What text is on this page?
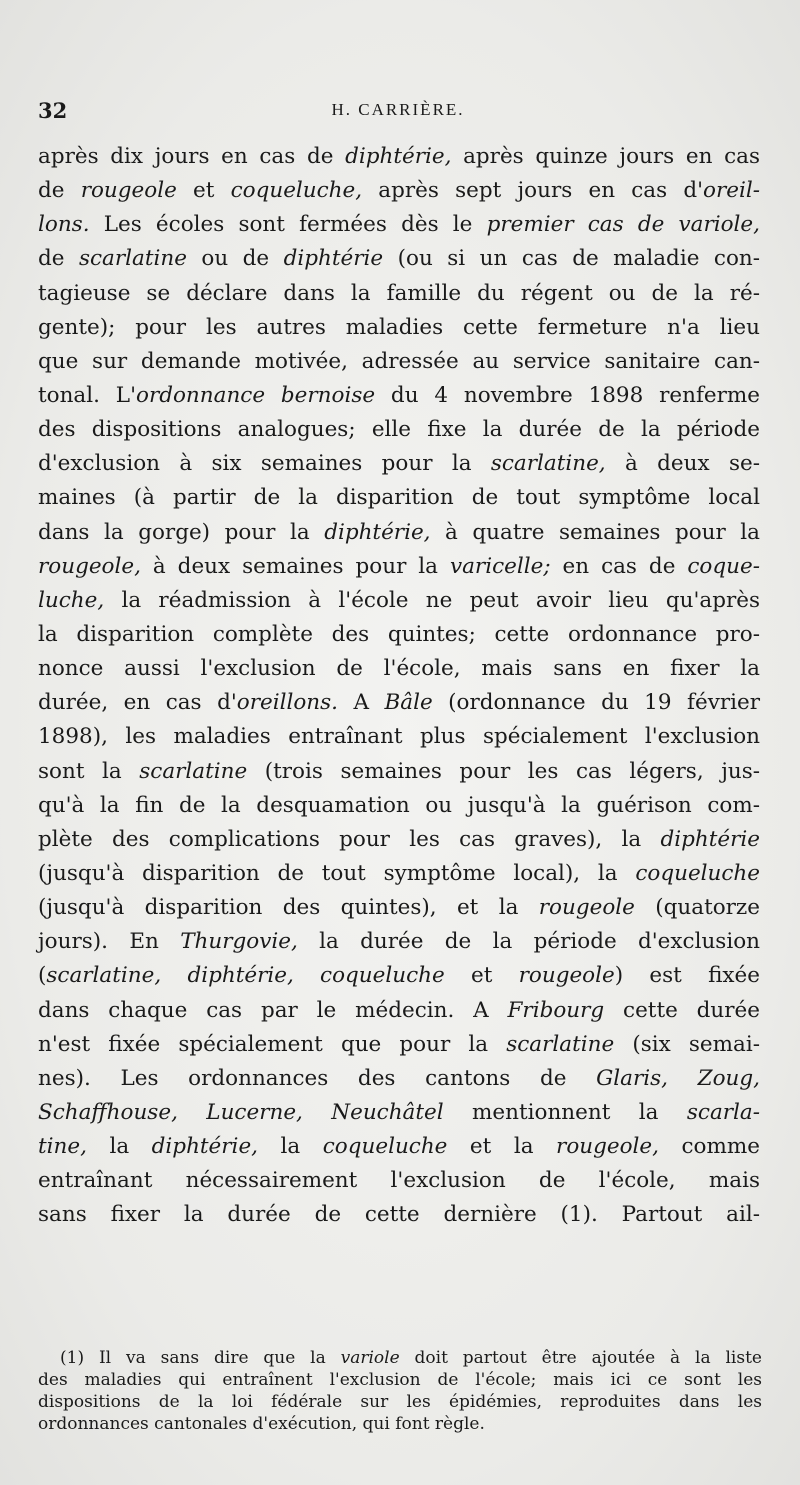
32	H. CARRIÈRE.
après dix jours en cas de diphtérie, après quinze jours en cas
de rougeole et coqueluche, après sept jours en cas d'oreil-
lons. Les écoles sont fermées dès le premier cas de variole,
de scarlatine ou de diphtérie (ou si un cas de maladie con-
tagieuse se déclare dans la famille du régent ou de la ré-
gente); pour les autres maladies cette fermeture n'a lieu
que sur demande motivée, adressée au service sanitaire can-
tonal. L'ordonnance bernoise du 4 novembre 1898 renferme
des dispositions analogues; elle fixe la durée de la période
d'exclusion à six semaines pour la scarlatine, à deux se-
maines (à partir de la disparition de tout symptôme local
dans la gorge) pour la diphtérie, à quatre semaines pour la
rougeole, à deux semaines pour la varicelle; en cas de coque-
luche, la réadmission à l'école ne peut avoir lieu qu'après
la disparition complète des quintes; cette ordonnance pro-
nonce aussi l'exclusion de l'école, mais sans en fixer la
durée, en cas d'oreillons. A Bâle (ordonnance du 19 février
1898), les maladies entraînant plus spécialement l'exclusion
sont la scarlatine (trois semaines pour les cas légers, jus-
qu'à la fin de la desquamation ou jusqu'à la guérison com-
plète des complications pour les cas graves), la diphtérie
(jusqu'à disparition de tout symptôme local), la coqueluche
(jusqu'à disparition des quintes), et la rougeole (quatorze
jours). En Thurgovie, la durée de la période d'exclusion
(scarlatine, diphtérie, coqueluche et rougeole) est fixée
dans chaque cas par le médecin. A Fribourg cette durée
n'est fixée spécialement que pour la scarlatine (six semai-
nes). Les ordonnances des cantons de Glaris, Zoug,
Schaffhouse, Lucerne, Neuchâtel mentionnent la scarla-
tine, la diphtérie, la coqueluche et la rougeole, comme
entraînant nécessairement l'exclusion de l'école, mais
sans fixer la durée de cette dernière (1). Partout ail-
(1) Il va sans dire que la variole doit partout être ajoutée à la liste
des maladies qui entraînent l'exclusion de l'école; mais ici ce sont les
dispositions de la loi fédérale sur les épidémies, reproduites dans les
ordonnances cantonales d'exécution, qui font règle.
